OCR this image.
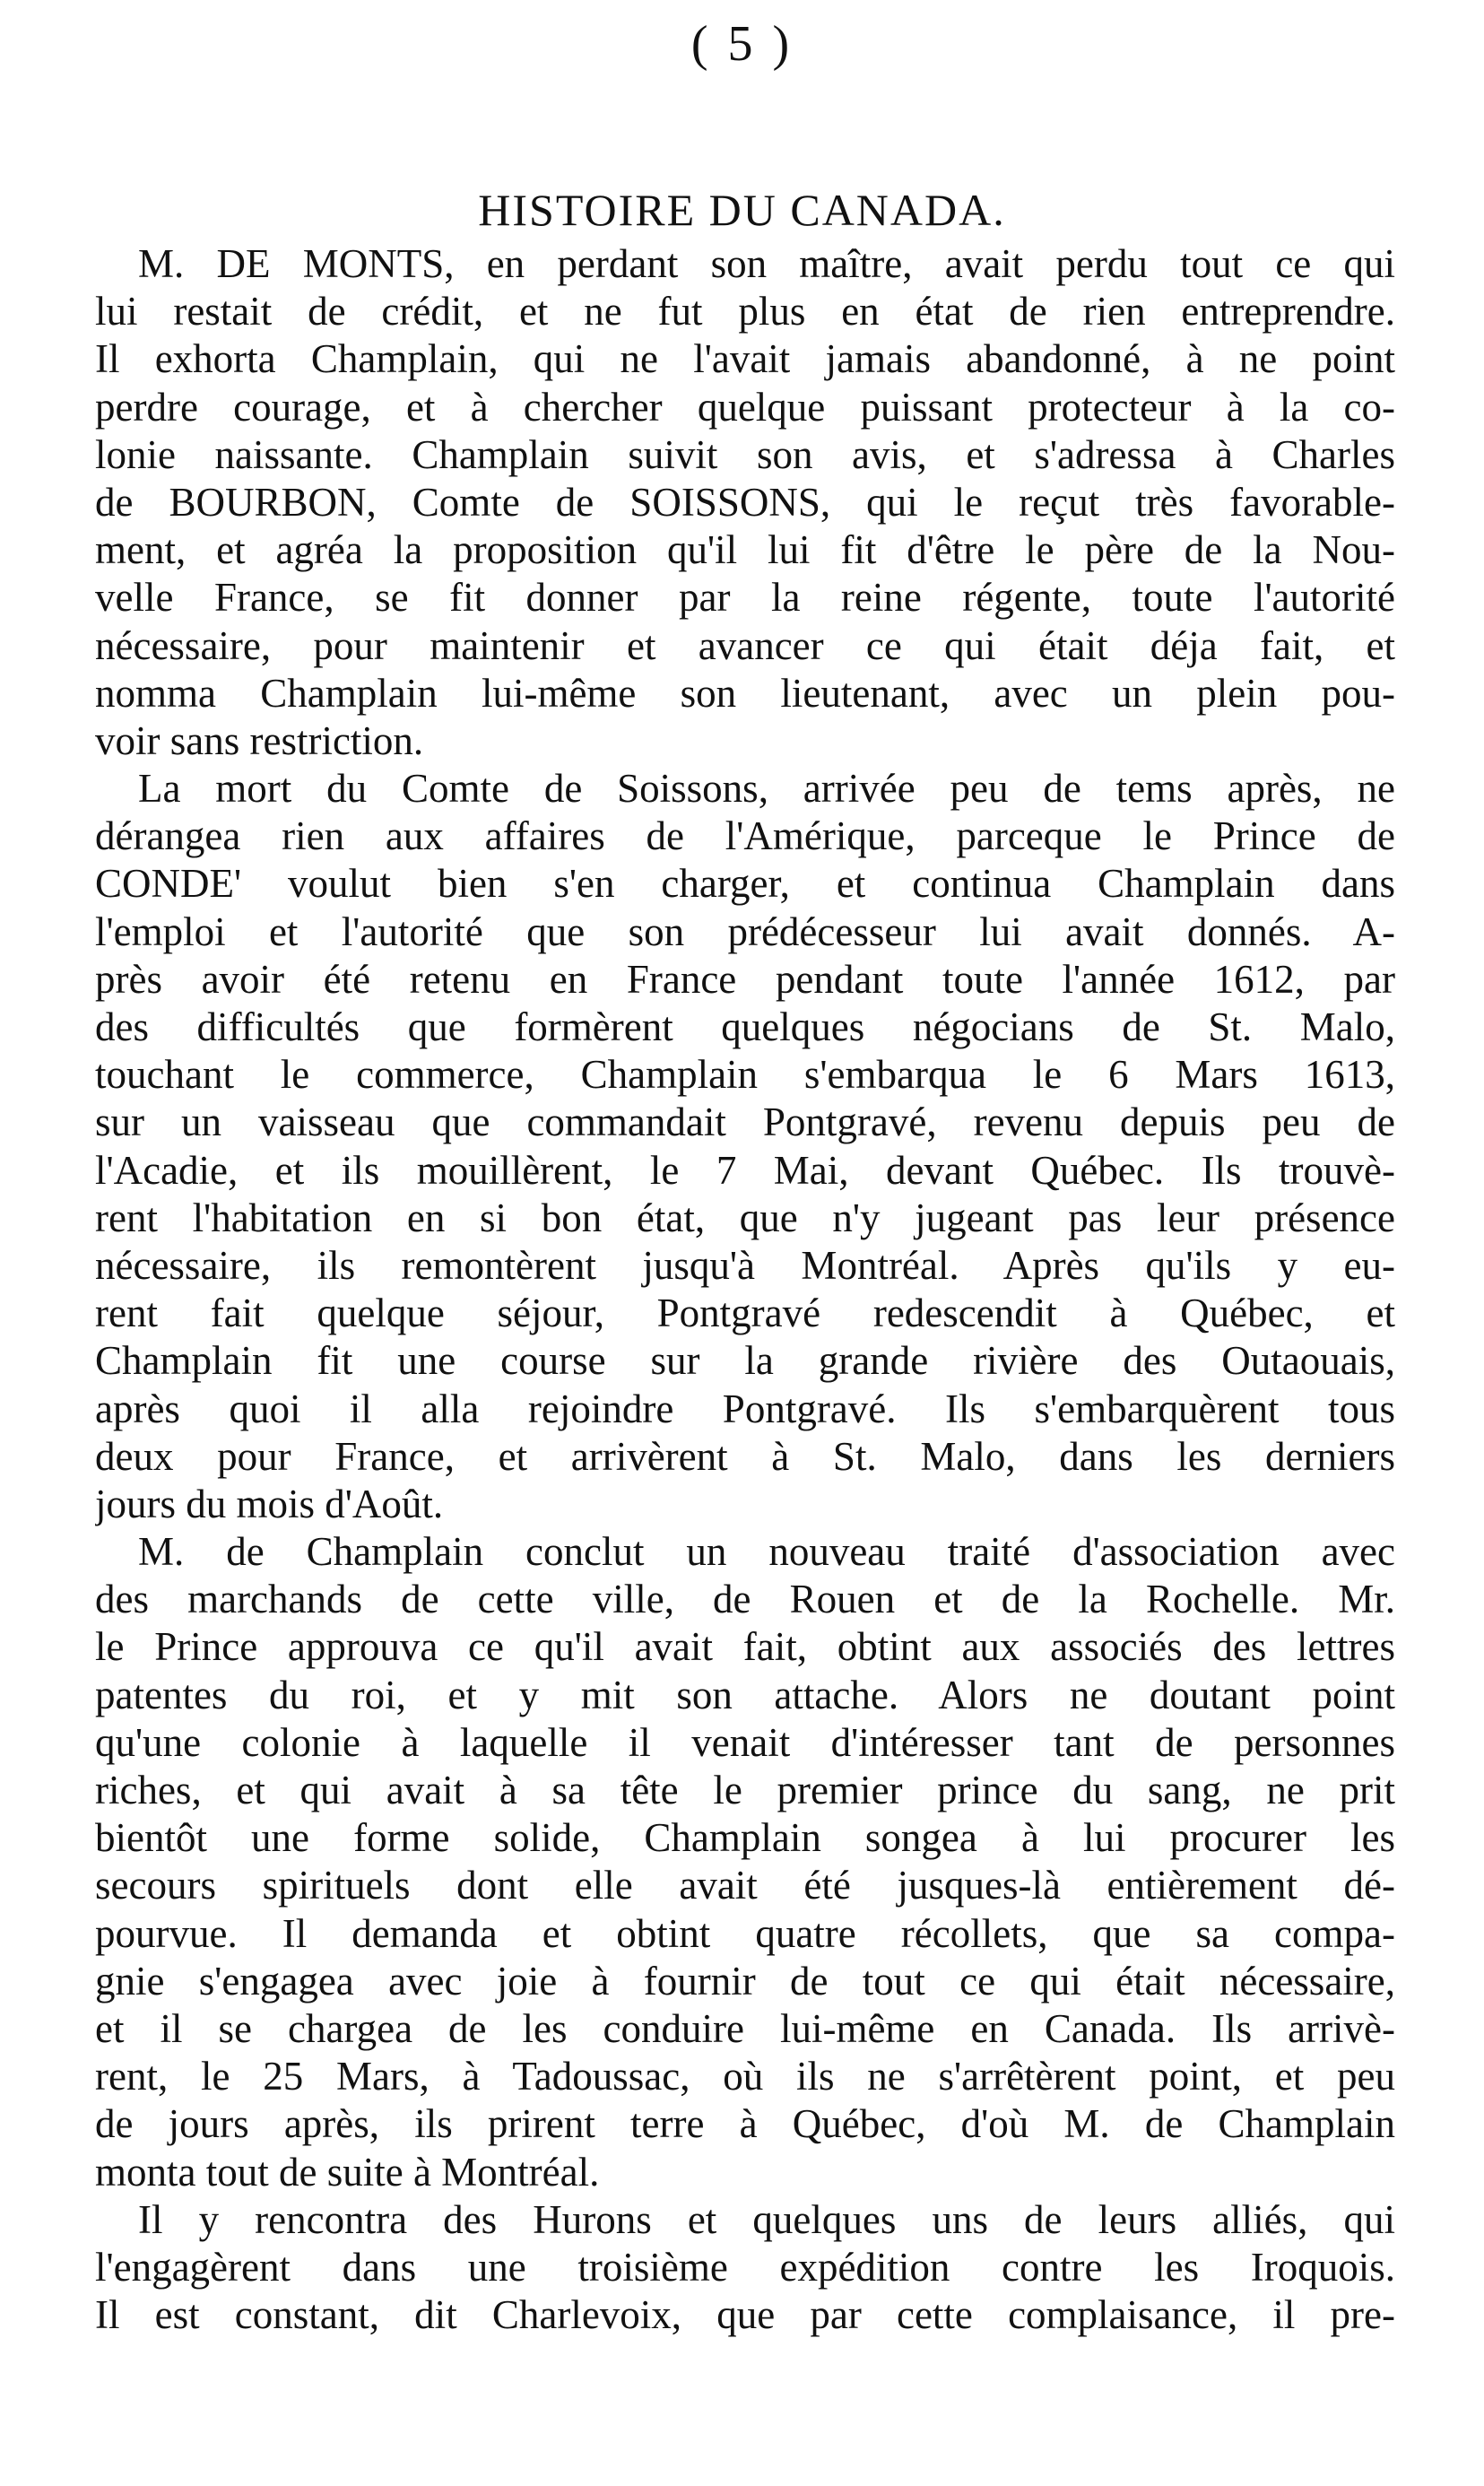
( 5 )
HISTOIRE DU CANADA.
M. DE MONTS, en perdant son maître, avait perdu tout ce qui
lui restait de crédit, et ne fut plus en état de rien entreprendre.
Il exhorta Champlain, qui ne l'avait jamais abandonné, à ne point
perdre courage, et à chercher quelque puissant protecteur à la co-
lonie naissante. Champlain suivit son avis, et s'adressa à Charles
de BOURBON, Comte de SOISSONS, qui le reçut très favorable-
ment, et agréa la proposition qu'il lui fit d'être le père de la Nou-
velle France, se fit donner par la reine régente, toute l'autorité
nécessaire, pour maintenir et avancer ce qui était déja fait, et
nomma Champlain lui-même son lieutenant, avec un plein pou-
voir sans restriction.
La mort du Comte de Soissons, arrivée peu de tems après, ne
dérangea rien aux affaires de l'Amérique, parceque le Prince de
CONDE' voulut bien s'en charger, et continua Champlain dans
l'emploi et l'autorité que son prédécesseur lui avait donnés. A-
près avoir été retenu en France pendant toute l'année 1612, par
des difficultés que formèrent quelques négocians de St. Malo,
touchant le commerce, Champlain s'embarqua le 6 Mars 1613,
sur un vaisseau que commandait Pontgravé, revenu depuis peu de
l'Acadie, et ils mouillèrent, le 7 Mai, devant Québec. Ils trouvè-
rent l'habitation en si bon état, que n'y jugeant pas leur présence
nécessaire, ils remontèrent jusqu'à Montréal. Après qu'ils y eu-
rent fait quelque séjour, Pontgravé redescendit à Québec, et
Champlain fit une course sur la grande rivière des Outaouais,
après quoi il alla rejoindre Pontgravé. Ils s'embarquèrent tous
deux pour France, et arrivèrent à St. Malo, dans les derniers
jours du mois d'Août.
M. de Champlain conclut un nouveau traité d'association avec
des marchands de cette ville, de Rouen et de la Rochelle. Mr.
le Prince approuva ce qu'il avait fait, obtint aux associés des lettres
patentes du roi, et y mit son attache. Alors ne doutant point
qu'une colonie à laquelle il venait d'intéresser tant de personnes
riches, et qui avait à sa tête le premier prince du sang, ne prit
bientôt une forme solide, Champlain songea à lui procurer les
secours spirituels dont elle avait été jusques-là entièrement dé-
pourvue. Il demanda et obtint quatre récollets, que sa compa-
gnie s'engagea avec joie à fournir de tout ce qui était nécessaire,
et il se chargea de les conduire lui-même en Canada. Ils arrivè-
rent, le 25 Mars, à Tadoussac, où ils ne s'arrêtèrent point, et peu
de jours après, ils prirent terre à Québec, d'où M. de Champlain
monta tout de suite à Montréal.
Il y rencontra des Hurons et quelques uns de leurs alliés, qui
l'engagèrent dans une troisième expédition contre les Iroquois.
Il est constant, dit Charlevoix, que par cette complaisance, il pre-
